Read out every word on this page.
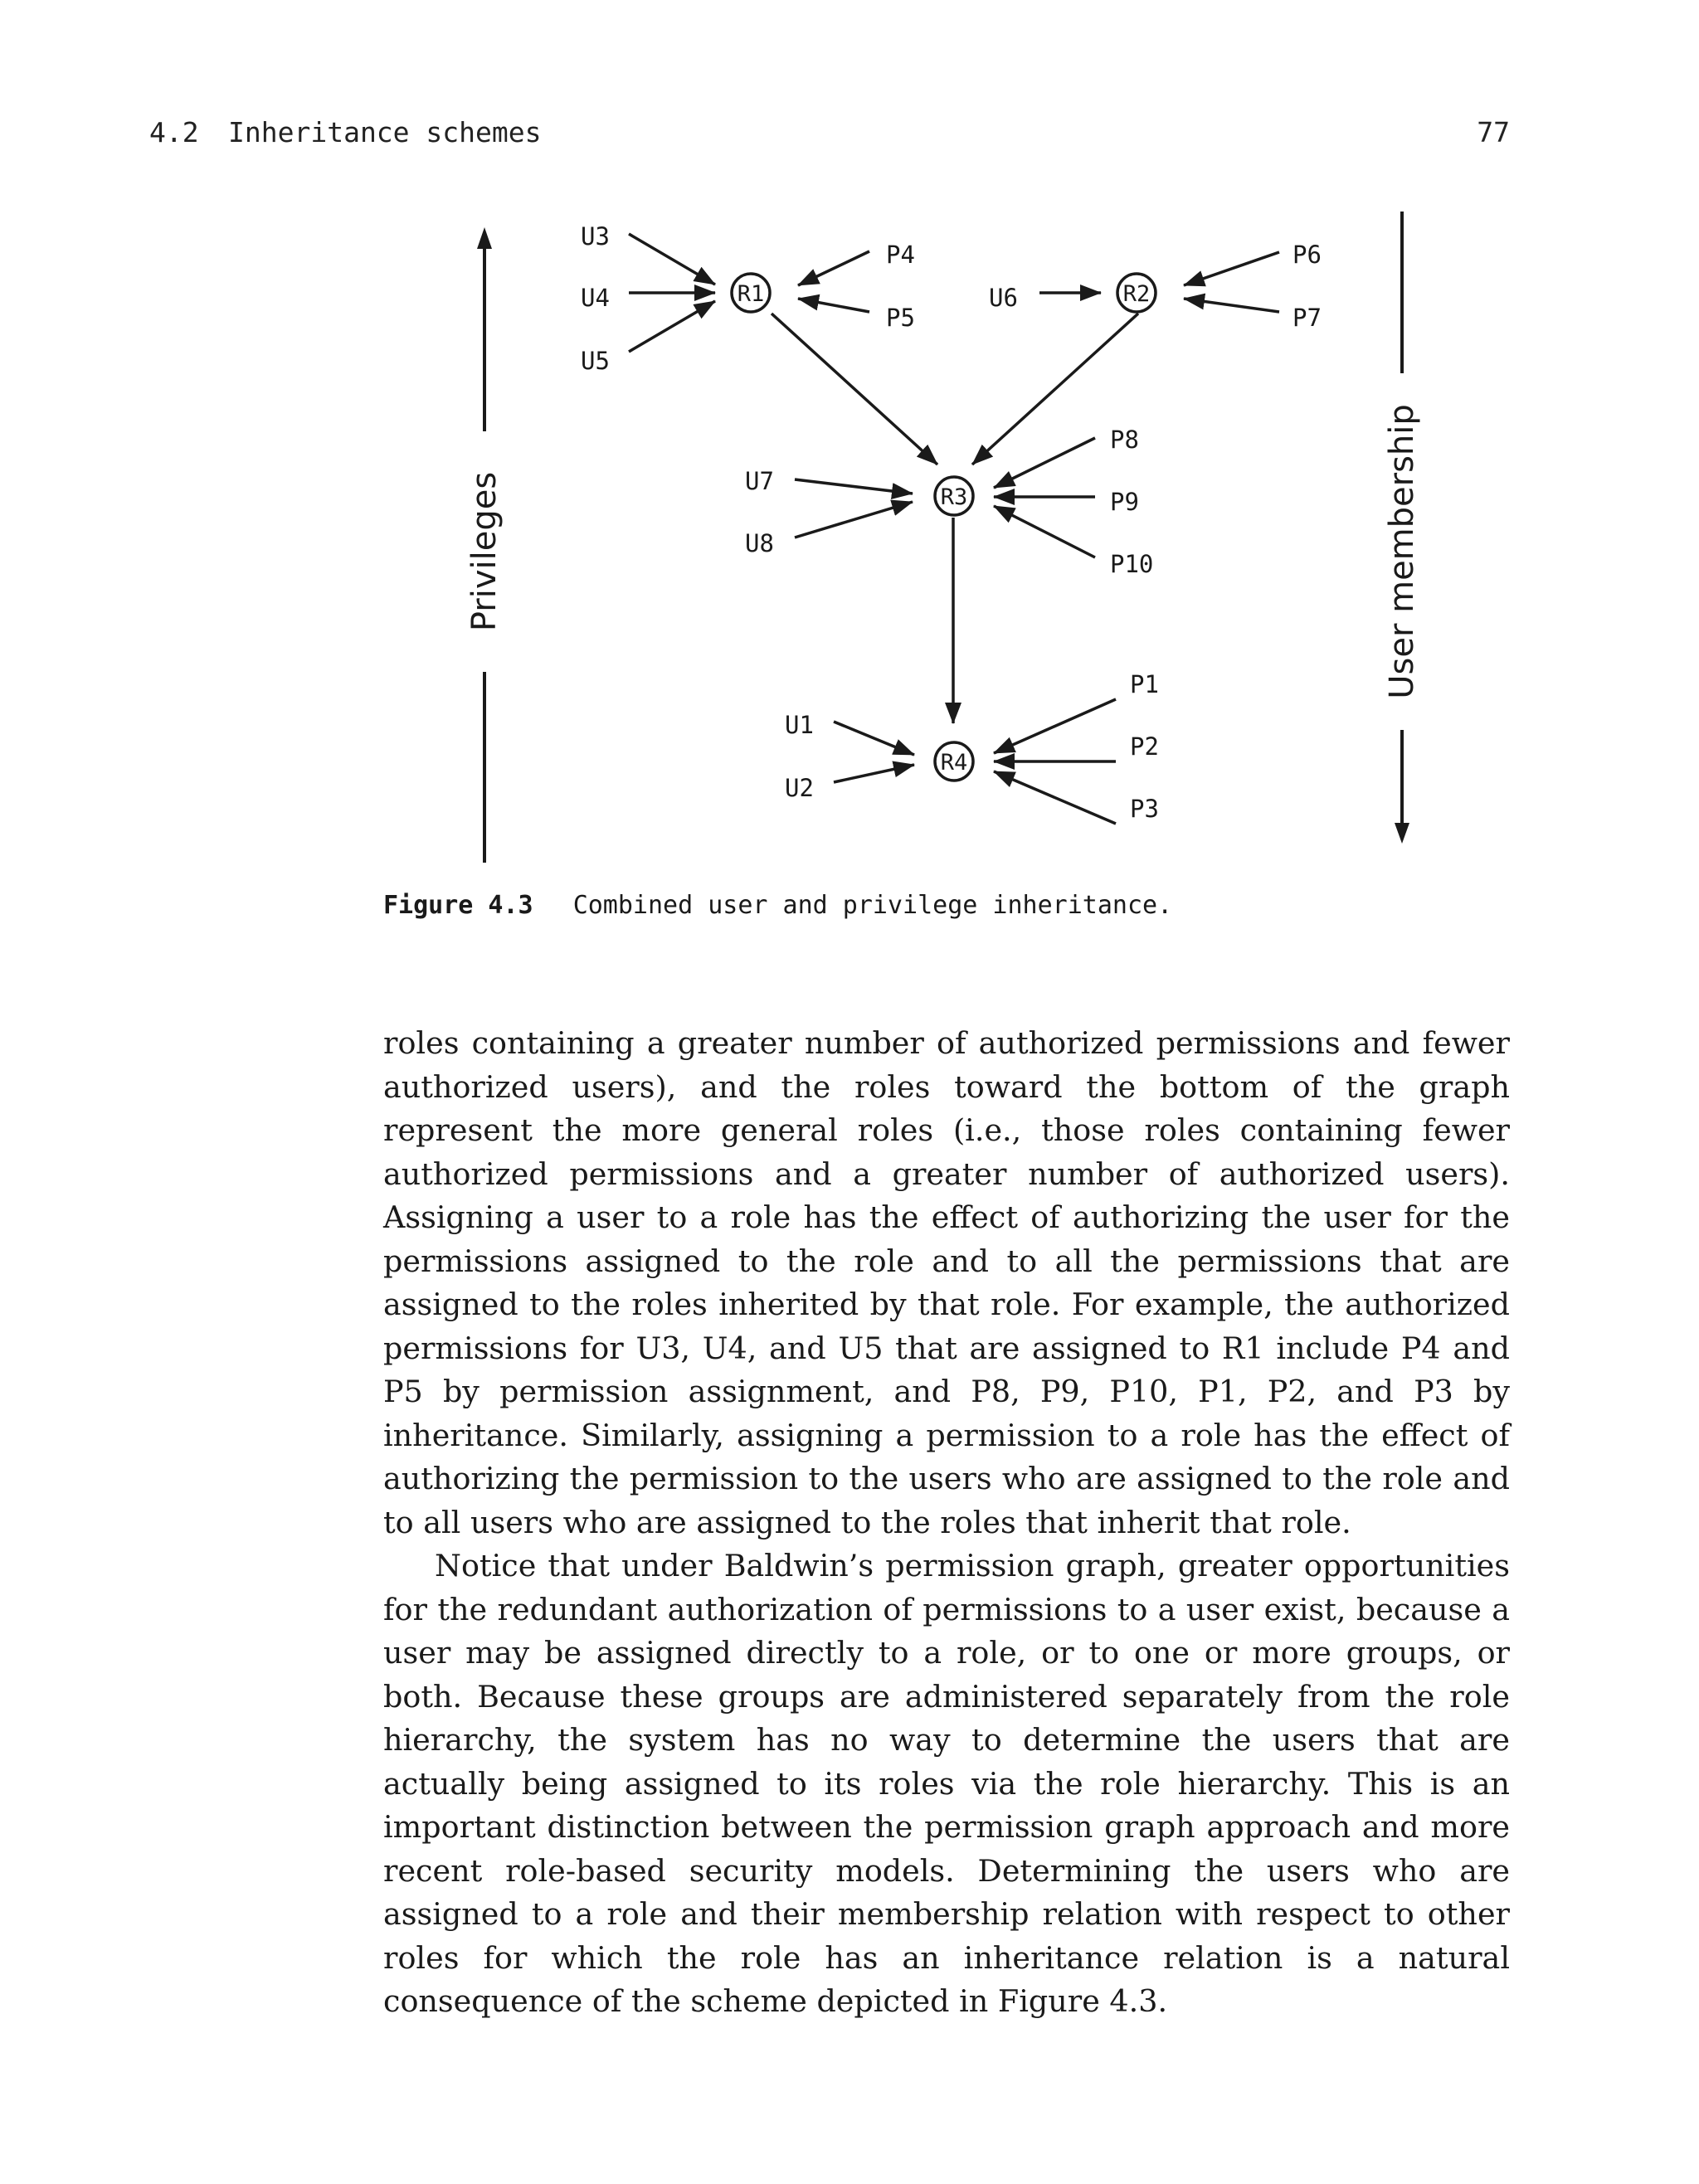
4.2 Inheritance schemes	77
Privileges	User membership
R1	R2
R3
R4
U3
U4
U5
U6
U7
U8
U1
U2
P4
P5
P6
P7
P8
P9
P10
P1
P2
P3
Figure 4.3 Combined user and privilege inheritance.

roles containing a greater number of authorized permissions and fewer authorized users), and the roles toward the bottom of the graph represent the more general roles (i.e., those roles containing fewer authorized permissions and a greater number of authorized users). Assigning a user to a role has the effect of authorizing the user for the permissions assigned to the role and to all the permissions that are assigned to the roles inherited by that role. For example, the authorized permissions for U3, U4, and U5 that are assigned to R1 include P4 and P5 by permission assignment, and P8, P9, P10, P1, P2, and P3 by inheritance. Similarly, assigning a permission to a role has the effect of authorizing the permission to the users who are assigned to the role and to all users who are assigned to the roles that inherit that role.

Notice that under Baldwin’s permission graph, greater opportunities for the redundant authorization of permissions to a user exist, because a user may be assigned directly to a role, or to one or more groups, or both. Because these groups are administered separately from the role hierarchy, the system has no way to determine the users that are actually being assigned to its roles via the role hierarchy. This is an important distinction between the permission graph approach and more recent role-based security models. Determining the users who are assigned to a role and their membership relation with respect to other roles for which the role has an inheritance relation is a natural consequence of the scheme depicted in Figure 4.3.
